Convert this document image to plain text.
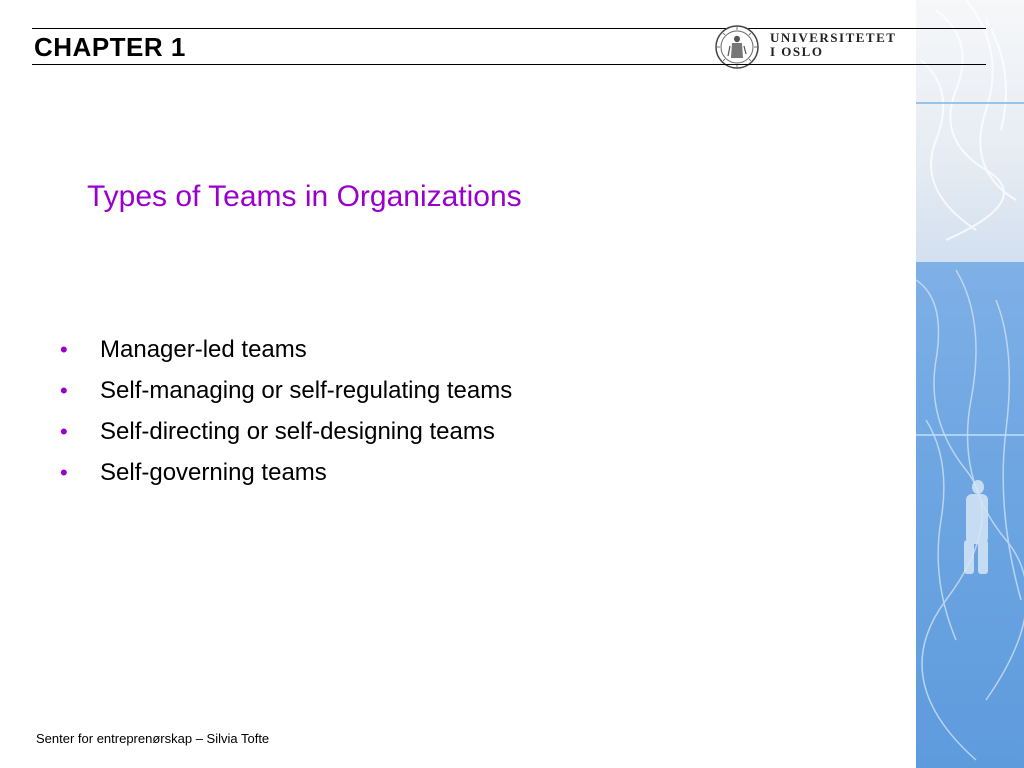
CHAPTER 1	UNIVERSITETET
I OSLO
Types of Teams in Organizations
• Manager-led teams
• Self-managing or self-regulating teams
• Self-directing or self-designing teams
• Self-governing teams
Senter for entreprenørskap – Silvia Tofte
